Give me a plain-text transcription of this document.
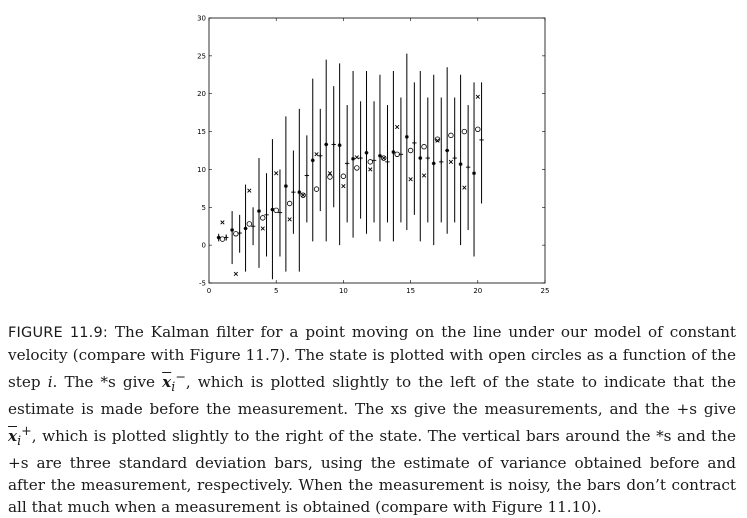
0	5	10	15	20	25
-5
0
5
10
15
20
25
30

FIGURE 11.9: The Kalman filter for a point moving on the line under our model of constant velocity (compare with Figure 11.7). The state is plotted with open circles as a function of the step i. The *s give $\overline{x}_i^-$, which is plotted slightly to the left of the state to indicate that the estimate is made before the measurement. The xs give the measurements, and the +s give $\overline{x}_i^+$, which is plotted slightly to the right of the state. The vertical bars around the *s and the +s are three standard deviation bars, using the estimate of variance obtained before and after the measurement, respectively. When the measurement is noisy, the bars don’t contract all that much when a measurement is obtained (compare with Figure 11.10).
